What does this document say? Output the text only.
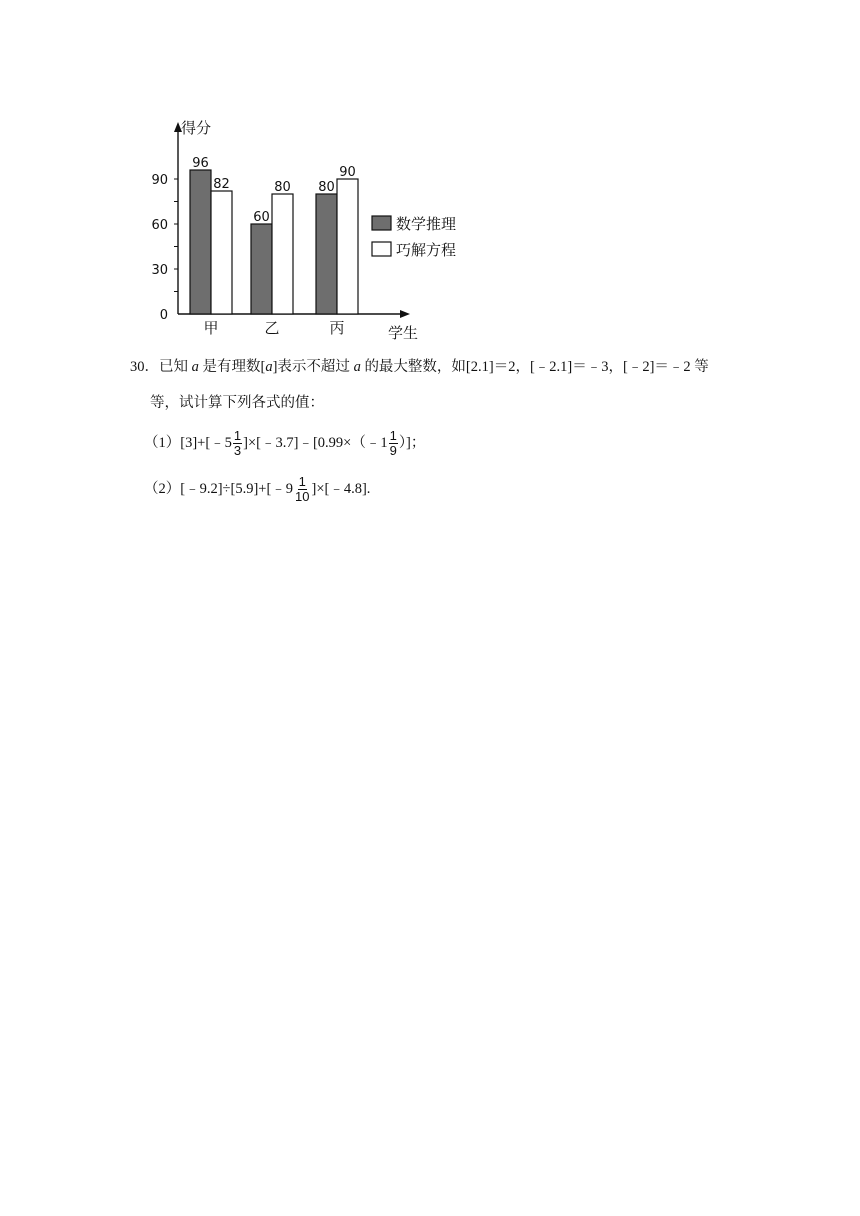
得分
学生
0
30
60
90
96
82
甲
60
80
乙
80
90
丙
数学推理
巧解方程
30．已知 a 是有理数[a]表示不超过 a 的最大整数，如[2.1]＝2，[﹣2.1]＝﹣3，[﹣2]＝﹣2 等
等，试计算下列各式的值：
（1）[3]+[﹣5 $\frac{1}{3}$ ]×[﹣3.7]﹣[0.99×（﹣1 $\frac{1}{9}$ ）]；
（2）[﹣9.2]÷[5.9]+[﹣9 $\frac{1}{10}$ ]×[﹣4.8].
